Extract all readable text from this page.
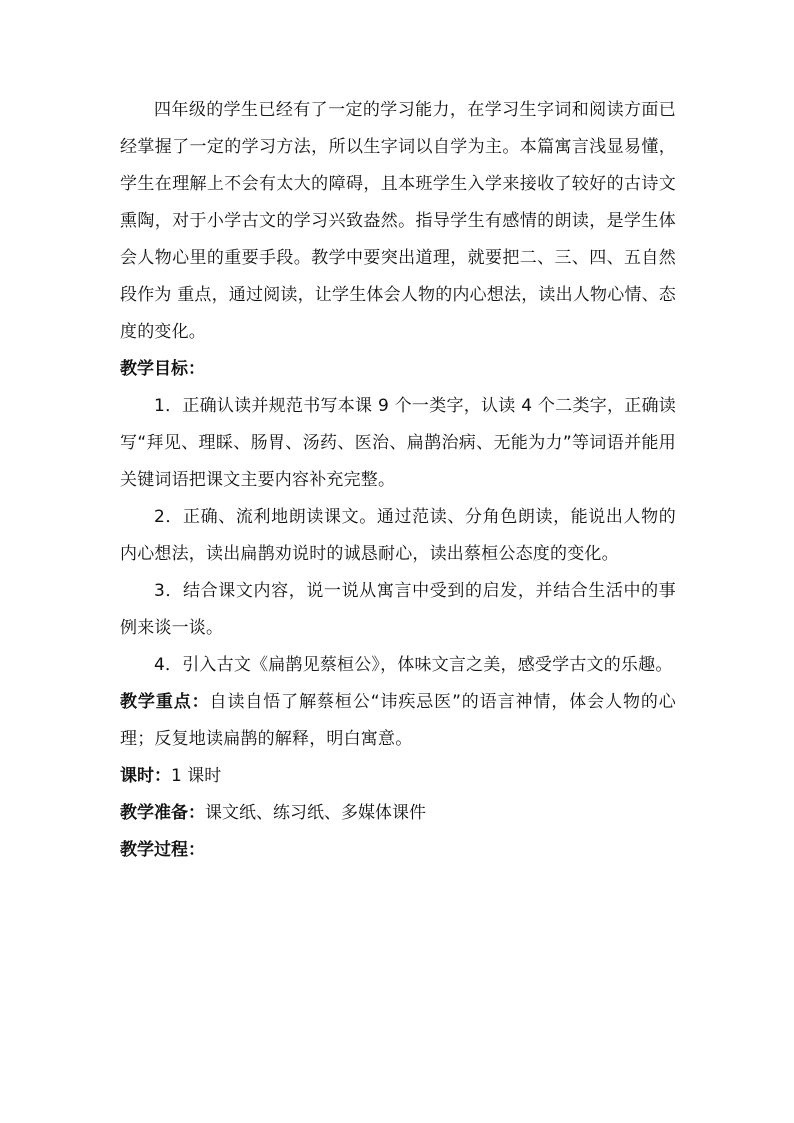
四年级的学生已经有了一定的学习能力，在学习生字词和阅读方面已经掌握了一定的学习方法，所以生字词以自学为主。本篇寓言浅显易懂，学生在理解上不会有太大的障碍，且本班学生入学来接收了较好的古诗文熏陶，对于小学古文的学习兴致盎然。指导学生有感情的朗读，是学生体会人物心里的重要手段。教学中要突出道理，就要把二、三、四、五自然段作为 重点，通过阅读，让学生体会人物的内心想法，读出人物心情、态度的变化。

教学目标：

1．正确认读并规范书写本课 9 个一类字，认读 4 个二类字，正确读写“拜见、理睬、肠胃、汤药、医治、扁鹊治病、无能为力”等词语并能用关键词语把课文主要内容补充完整。

2．正确、流利地朗读课文。通过范读、分角色朗读，能说出人物的内心想法，读出扁鹊劝说时的诚恳耐心，读出蔡桓公态度的变化。

3．结合课文内容，说一说从寓言中受到的启发，并结合生活中的事例来谈一谈。

4．引入古文《扁鹊见蔡桓公》，体味文言之美，感受学古文的乐趣。

教学重点：自读自悟了解蔡桓公“讳疾忌医”的语言神情，体会人物的心理；反复地读扁鹊的解释，明白寓意。

课时：1 课时

教学准备：课文纸、练习纸、多媒体课件

教学过程：
